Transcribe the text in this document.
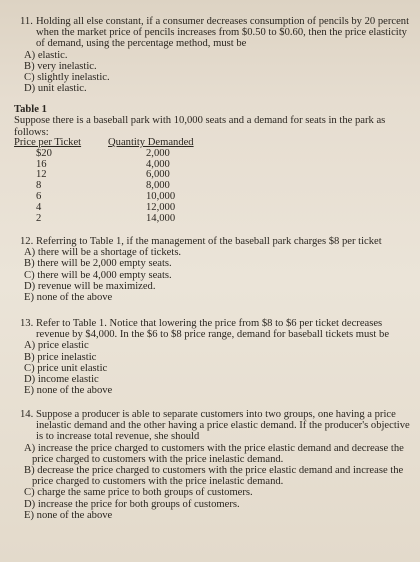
11. Holding all else constant, if a consumer decreases consumption of pencils by 20 percent when the market price of pencils increases from $0.50 to $0.60, then the price elasticity of demand, using the percentage method, must be
A) elastic.
B) very inelastic.
C) slightly inelastic.
D) unit elastic.
Table 1
Suppose there is a baseball park with 10,000 seats and a demand for seats in the park as follows:
Price per Ticket	Quantity Demanded
$20	2,000
16	4,000
12	6,000
8	8,000
6	10,000
4	12,000
2	14,000
12. Referring to Table 1, if the management of the baseball park charges $8 per ticket
A) there will be a shortage of tickets.
B) there will be 2,000 empty seats.
C) there will be 4,000 empty seats.
D) revenue will be maximized.
E) none of the above
13. Refer to Table 1. Notice that lowering the price from $8 to $6 per ticket decreases revenue by $4,000. In the $6 to $8 price range, demand for baseball tickets must be
A) price elastic
B) price inelastic
C) price unit elastic
D) income elastic
E) none of the above
14. Suppose a producer is able to separate customers into two groups, one having a price inelastic demand and the other having a price elastic demand. If the producer's objective is to increase total revenue, she should
A) increase the price charged to customers with the price elastic demand and decrease the price charged to customers with the price inelastic demand.
B) decrease the price charged to customers with the price elastic demand and increase the price charged to customers with the price inelastic demand.
C) charge the same price to both groups of customers.
D) increase the price for both groups of customers.
E) none of the above
